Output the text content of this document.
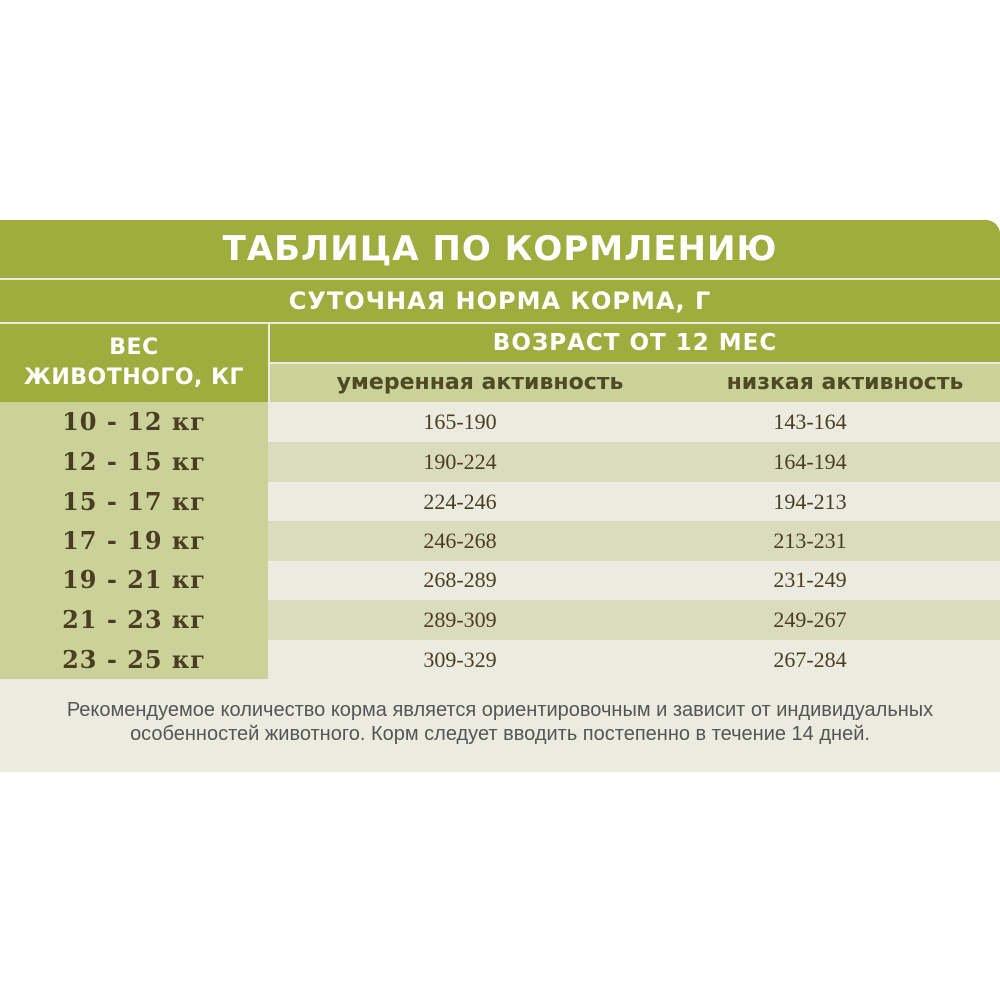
ТАБЛИЦА ПО КОРМЛЕНИЮ
СУТОЧНАЯ НОРМА КОРМА, Г
ВЕС
ЖИВОТНОГО, КГ
ВОЗРАСТ ОТ 12 МЕС
умеренная активность	низкая активность
10 - 12 кг	165-190	143-164
12 - 15 кг	190-224	164-194
15 - 17 кг	224-246	194-213
17 - 19 кг	246-268	213-231
19 - 21 кг	268-289	231-249
21 - 23 кг	289-309	249-267
23 - 25 кг	309-329	267-284
Рекомендуемое количество корма является ориентировочным и зависит от индивидуальных особенностей животного. Корм следует вводить постепенно в течение 14 дней.
